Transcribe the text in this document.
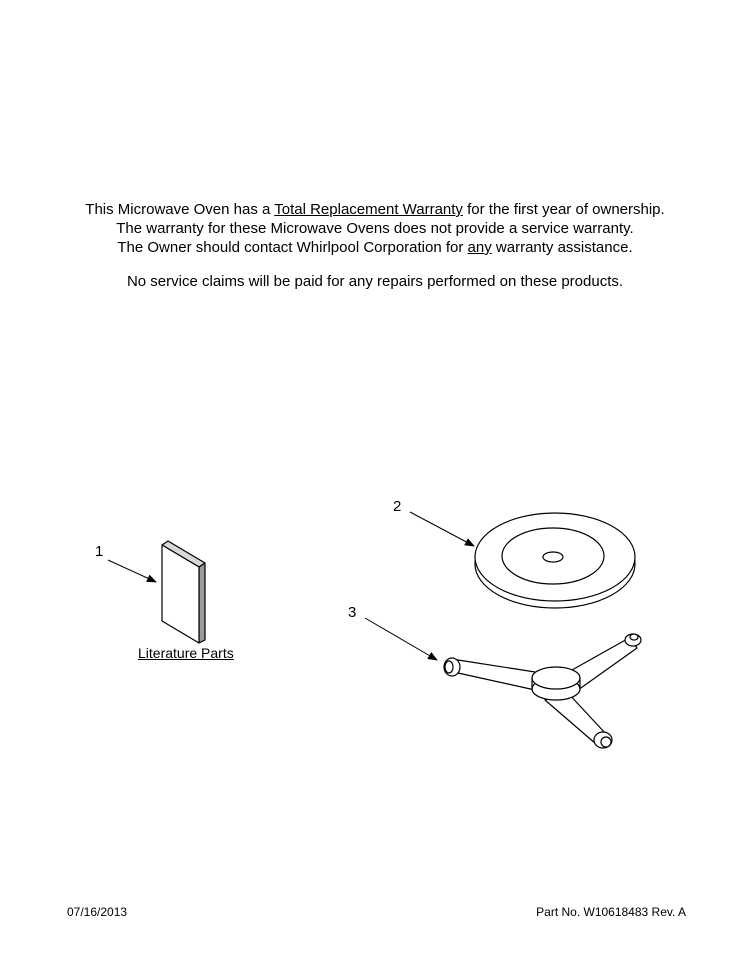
This Microwave Oven has a Total Replacement Warranty for the first year of ownership.
The warranty for these Microwave Ovens does not provide a service warranty.
The Owner should contact Whirlpool Corporation for any warranty assistance.
No service claims will be paid for any repairs performed on these products.
1
2
3
Literature Parts
07/16/2013	Part No. W10618483 Rev. A
